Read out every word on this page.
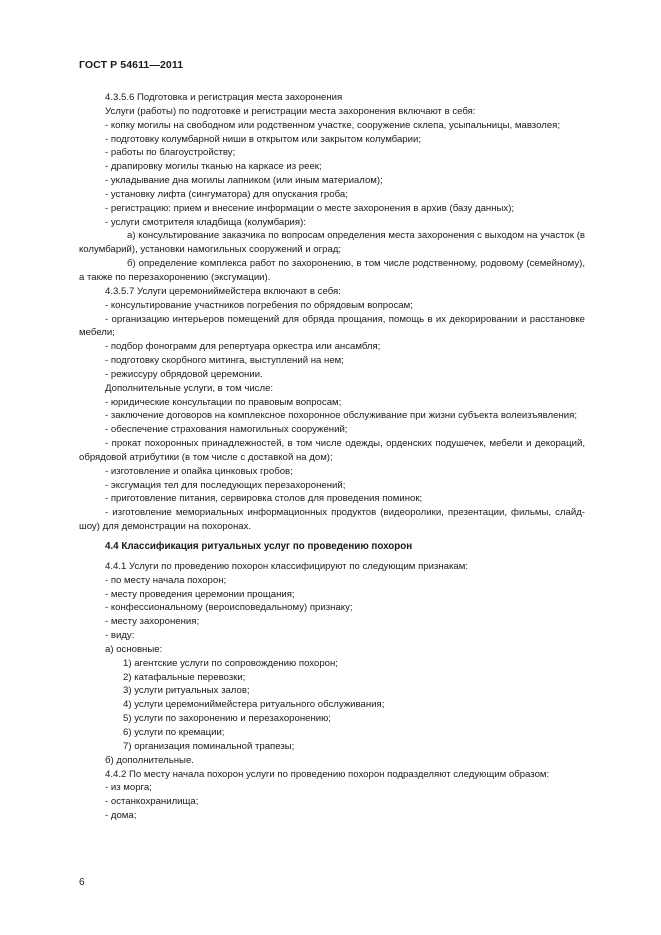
ГОСТ Р 54611—2011

4.3.5.6 Подготовка и регистрация места захоронения

Услуги (работы) по подготовке и регистрации места захоронения включают в себя:

- копку могилы на свободном или родственном участке, сооружение склепа, усыпальницы, мавзолея;

- подготовку колумбарной ниши в открытом или закрытом колумбарии;

- работы по благоустройству;

- драпировку могилы тканью на каркасе из реек;

- укладывание дна могилы лапником (или иным материалом);

- установку лифта (сингуматора) для опускания гроба;

- регистрацию: прием и внесение информации о месте захоронения в архив (базу данных);

- услуги смотрителя кладбища (колумбария):

а) консультирование заказчика по вопросам определения места захоронения с выходом на участок (в колумбарий), установки намогильных сооружений и оград;

б) определение комплекса работ по захоронению, в том числе родственному, родовому (семейному), а также по перезахоронению (эксгумации).

4.3.5.7 Услуги церемониймейстера включают в себя:

- консультирование участников погребения по обрядовым вопросам;

- организацию интерьеров помещений для обряда прощания, помощь в их декорировании и расстановке мебели;

- подбор фонограмм для репертуара оркестра или ансамбля;

- подготовку скорбного митинга, выступлений на нем;

- режиссуру обрядовой церемонии.

Дополнительные услуги, в том числе:

- юридические консультации по правовым вопросам;

- заключение договоров на комплексное похоронное обслуживание при жизни субъекта волеизъявления;

- обеспечение страхования намогильных сооружений;

- прокат похоронных принадлежностей, в том числе одежды, орденских подушечек, мебели и декораций, обрядовой атрибутики (в том числе с доставкой на дом);

- изготовление и опайка цинковых гробов;

- эксгумация тел для последующих перезахоронений;

- приготовление питания, сервировка столов для проведения поминок;

- изготовление мемориальных информационных продуктов (видеоролики, презентации, фильмы, слайд-шоу) для демонстрации на похоронах.

4.4 Классификация ритуальных услуг по проведению похорон

4.4.1 Услуги по проведению похорон классифицируют по следующим признакам:

- по месту начала похорон;

- месту проведения церемонии прощания;

- конфессиональному (вероисповедальному) признаку;

- месту захоронения;

- виду:

а) основные:

1) агентские услуги по сопровождению похорон;

2) катафальные перевозки;

3) услуги ритуальных залов;

4) услуги церемониймейстера ритуального обслуживания;

5) услуги по захоронению и перезахоронению;

6) услуги по кремации;

7) организация поминальной трапезы;

б) дополнительные.

4.4.2 По месту начала похорон услуги по проведению похорон подразделяют следующим образом:

- из морга;

- останкохранилища;

- дома;

6
